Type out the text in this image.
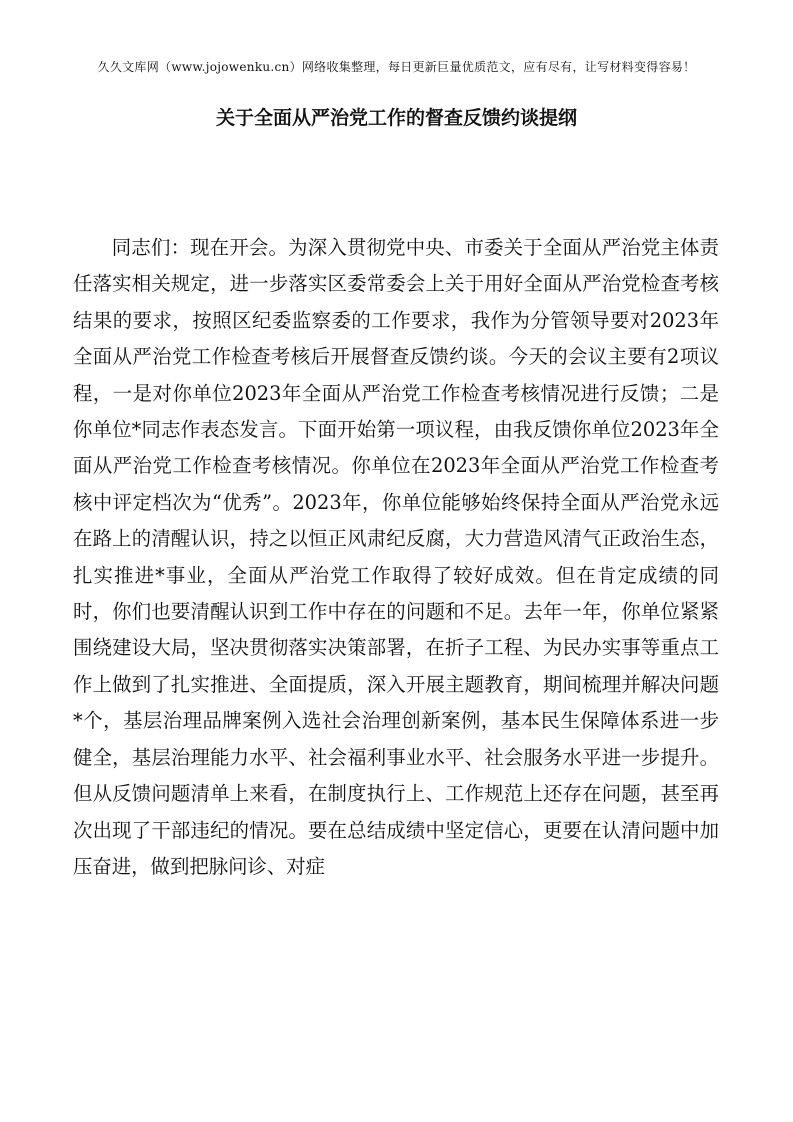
久久文库网（www.jojowenku.cn）网络收集整理，每日更新巨量优质范文，应有尽有，让写材料变得容易！
关于全面从严治党工作的督查反馈约谈提纲

同志们：现在开会。为深入贯彻党中央、市委关于全面从严治党主体责任落实相关规定，进一步落实区委常委会上关于用好全面从严治党检查考核结果的要求，按照区纪委监察委的工作要求，我作为分管领导要对2023年全面从严治党工作检查考核后开展督查反馈约谈。今天的会议主要有2项议程，一是对你单位2023年全面从严治党工作检查考核情况进行反馈；二是你单位*同志作表态发言。下面开始第一项议程，由我反馈你单位2023年全面从严治党工作检查考核情况。你单位在2023年全面从严治党工作检查考核中评定档次为“优秀”。2023年，你单位能够始终保持全面从严治党永远在路上的清醒认识，持之以恒正风肃纪反腐，大力营造风清气正政治生态，扎实推进*事业，全面从严治党工作取得了较好成效。但在肯定成绩的同时，你们也要清醒认识到工作中存在的问题和不足。去年一年，你单位紧紧围绕建设大局，坚决贯彻落实决策部署，在折子工程、为民办实事等重点工作上做到了扎实推进、全面提质，深入开展主题教育，期间梳理并解决问题*个，基层治理品牌案例入选社会治理创新案例，基本民生保障体系进一步健全，基层治理能力水平、社会福利事业水平、社会服务水平进一步提升。但从反馈问题清单上来看，在制度执行上、工作规范上还存在问题，甚至再次出现了干部违纪的情况。要在总结成绩中坚定信心，更要在认清问题中加压奋进，做到把脉问诊、对症
